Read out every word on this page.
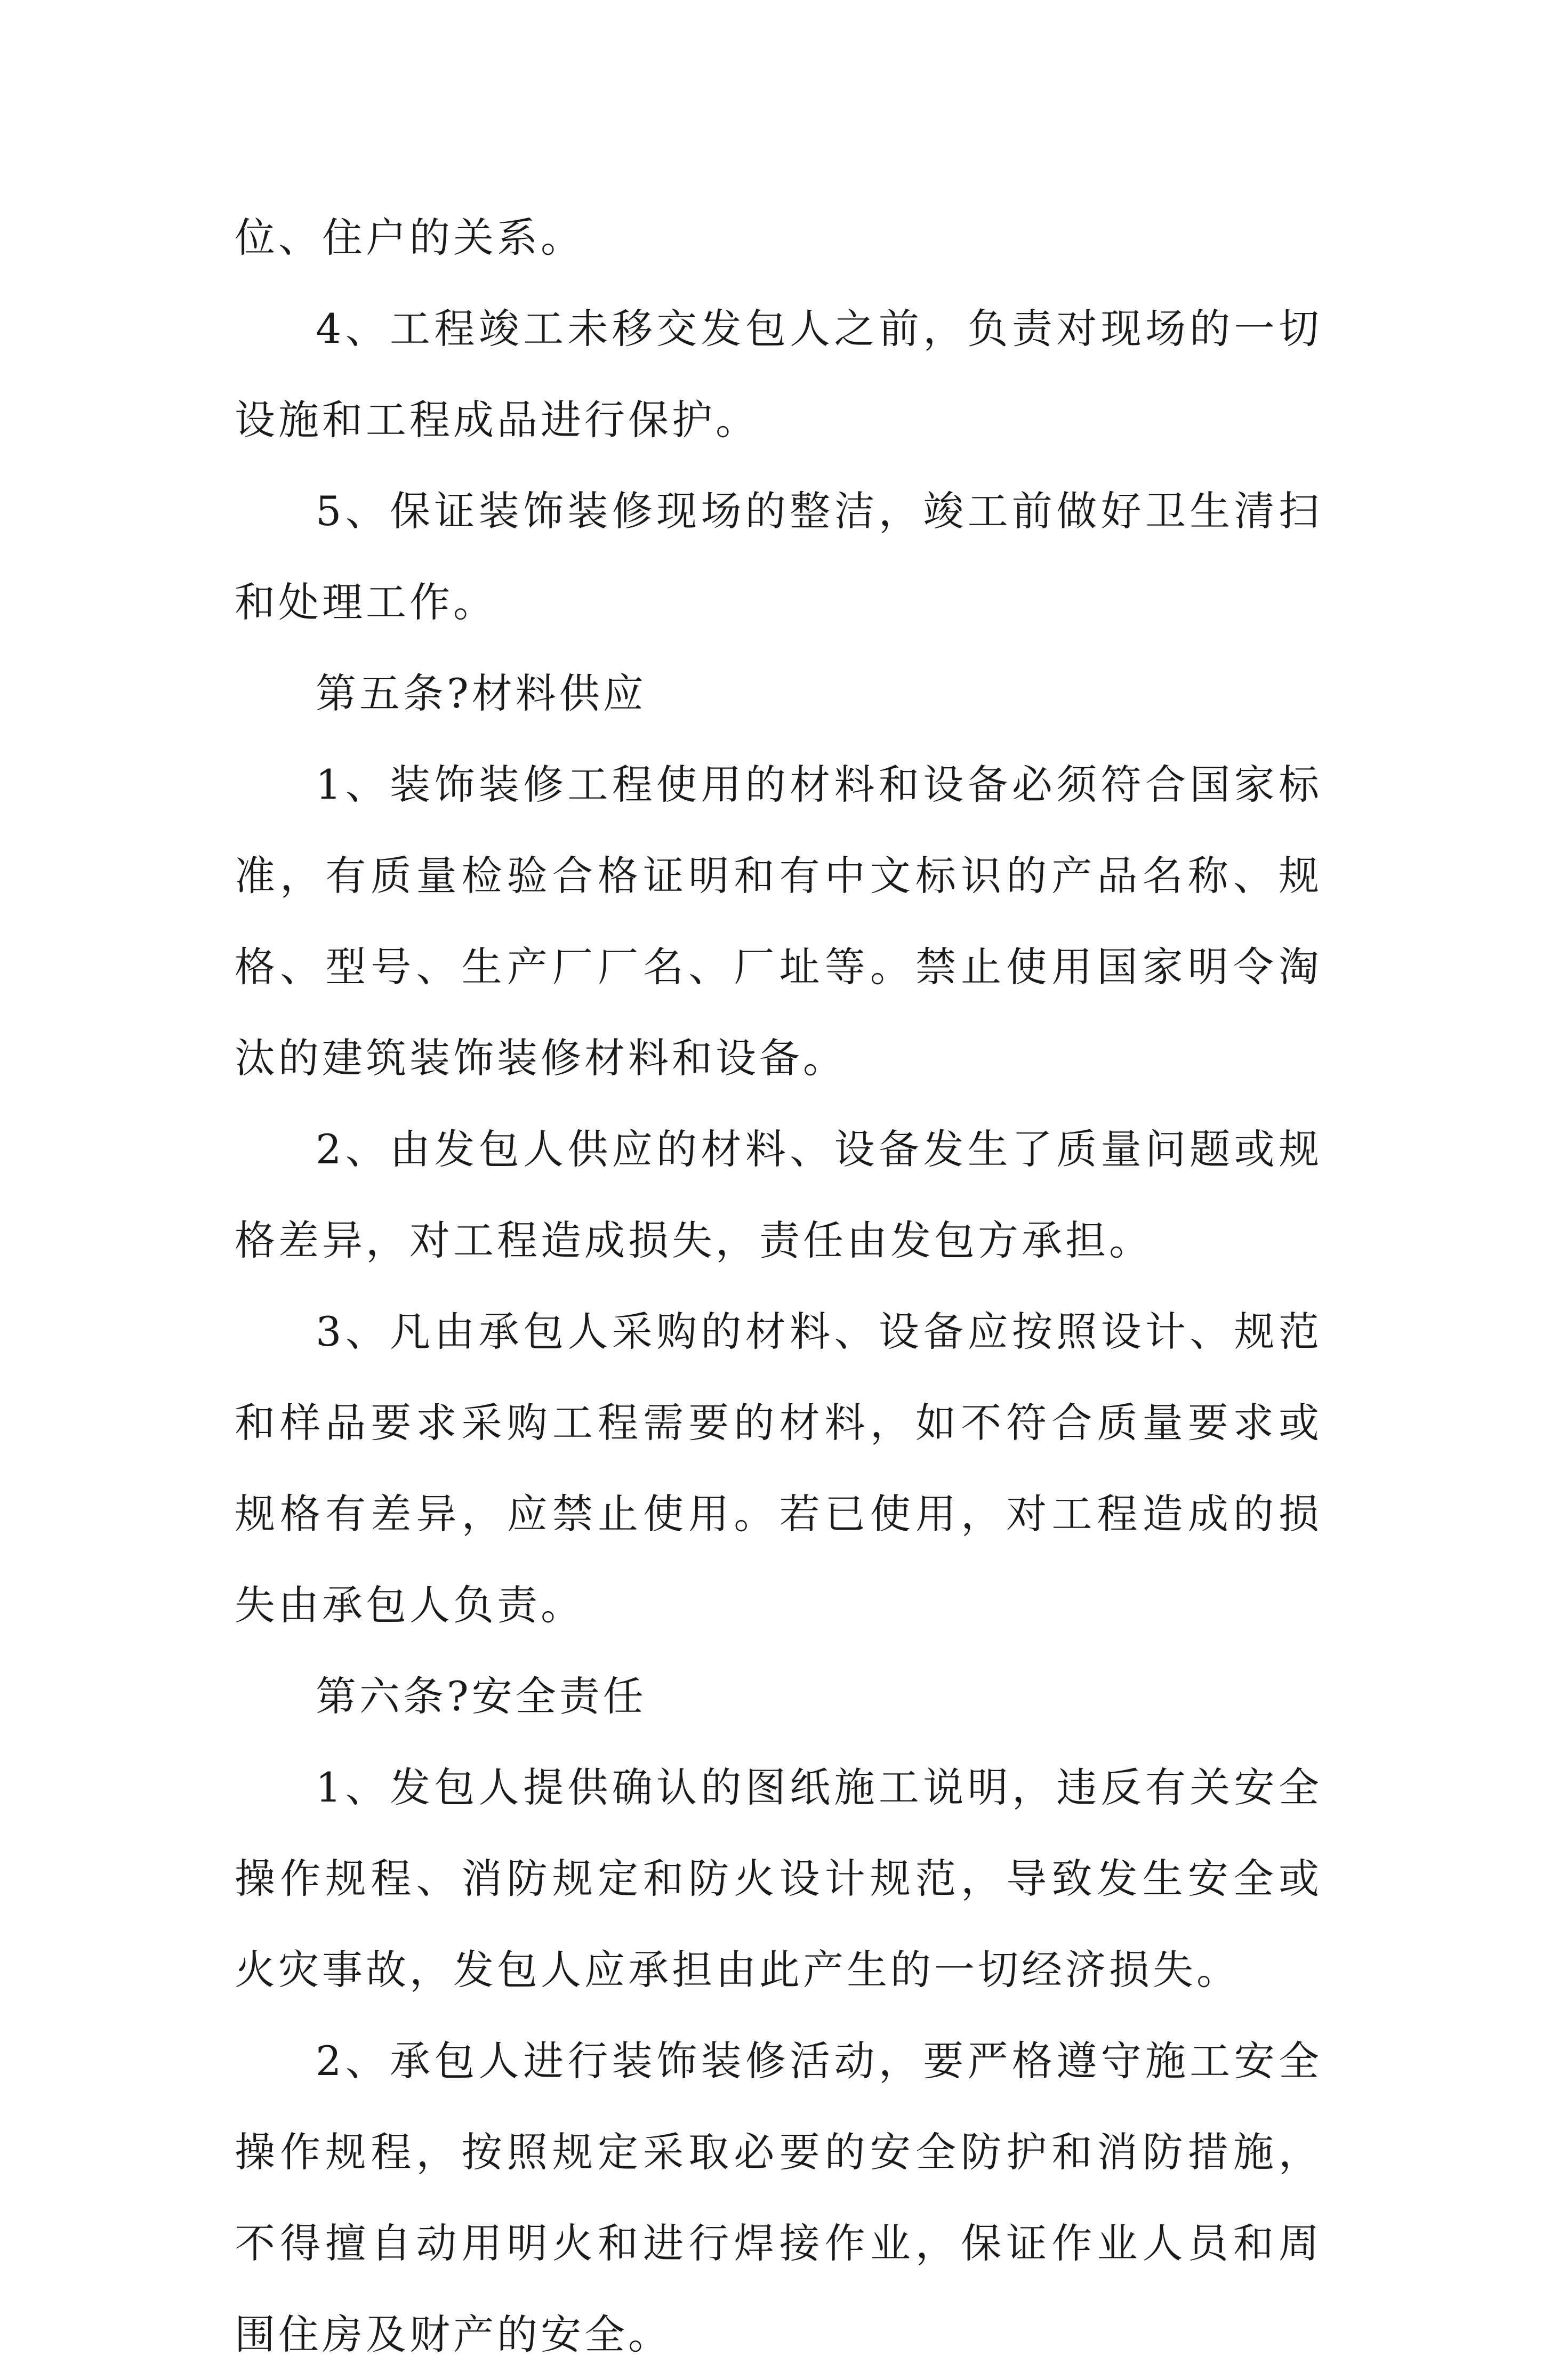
位、住户的关系。

4、工程竣工未移交发包人之前，负责对现场的一切设施和工程成品进行保护。

5、保证装饰装修现场的整洁，竣工前做好卫生清扫和处理工作。

第五条?材料供应

1、装饰装修工程使用的材料和设备必须符合国家标准，有质量检验合格证明和有中文标识的产品名称、规格、型号、生产厂厂名、厂址等。禁止使用国家明令淘汰的建筑装饰装修材料和设备。

2、由发包人供应的材料、设备发生了质量问题或规格差异，对工程造成损失，责任由发包方承担。

3、凡由承包人采购的材料、设备应按照设计、规范和样品要求采购工程需要的材料，如不符合质量要求或规格有差异，应禁止使用。若已使用，对工程造成的损失由承包人负责。

第六条?安全责任

1、发包人提供确认的图纸施工说明，违反有关安全操作规程、消防规定和防火设计规范，导致发生安全或火灾事故，发包人应承担由此产生的一切经济损失。

2、承包人进行装饰装修活动，要严格遵守施工安全操作规程，按照规定采取必要的安全防护和消防措施，不得擅自动用明火和进行焊接作业，保证作业人员和周围住房及财产的安全。
